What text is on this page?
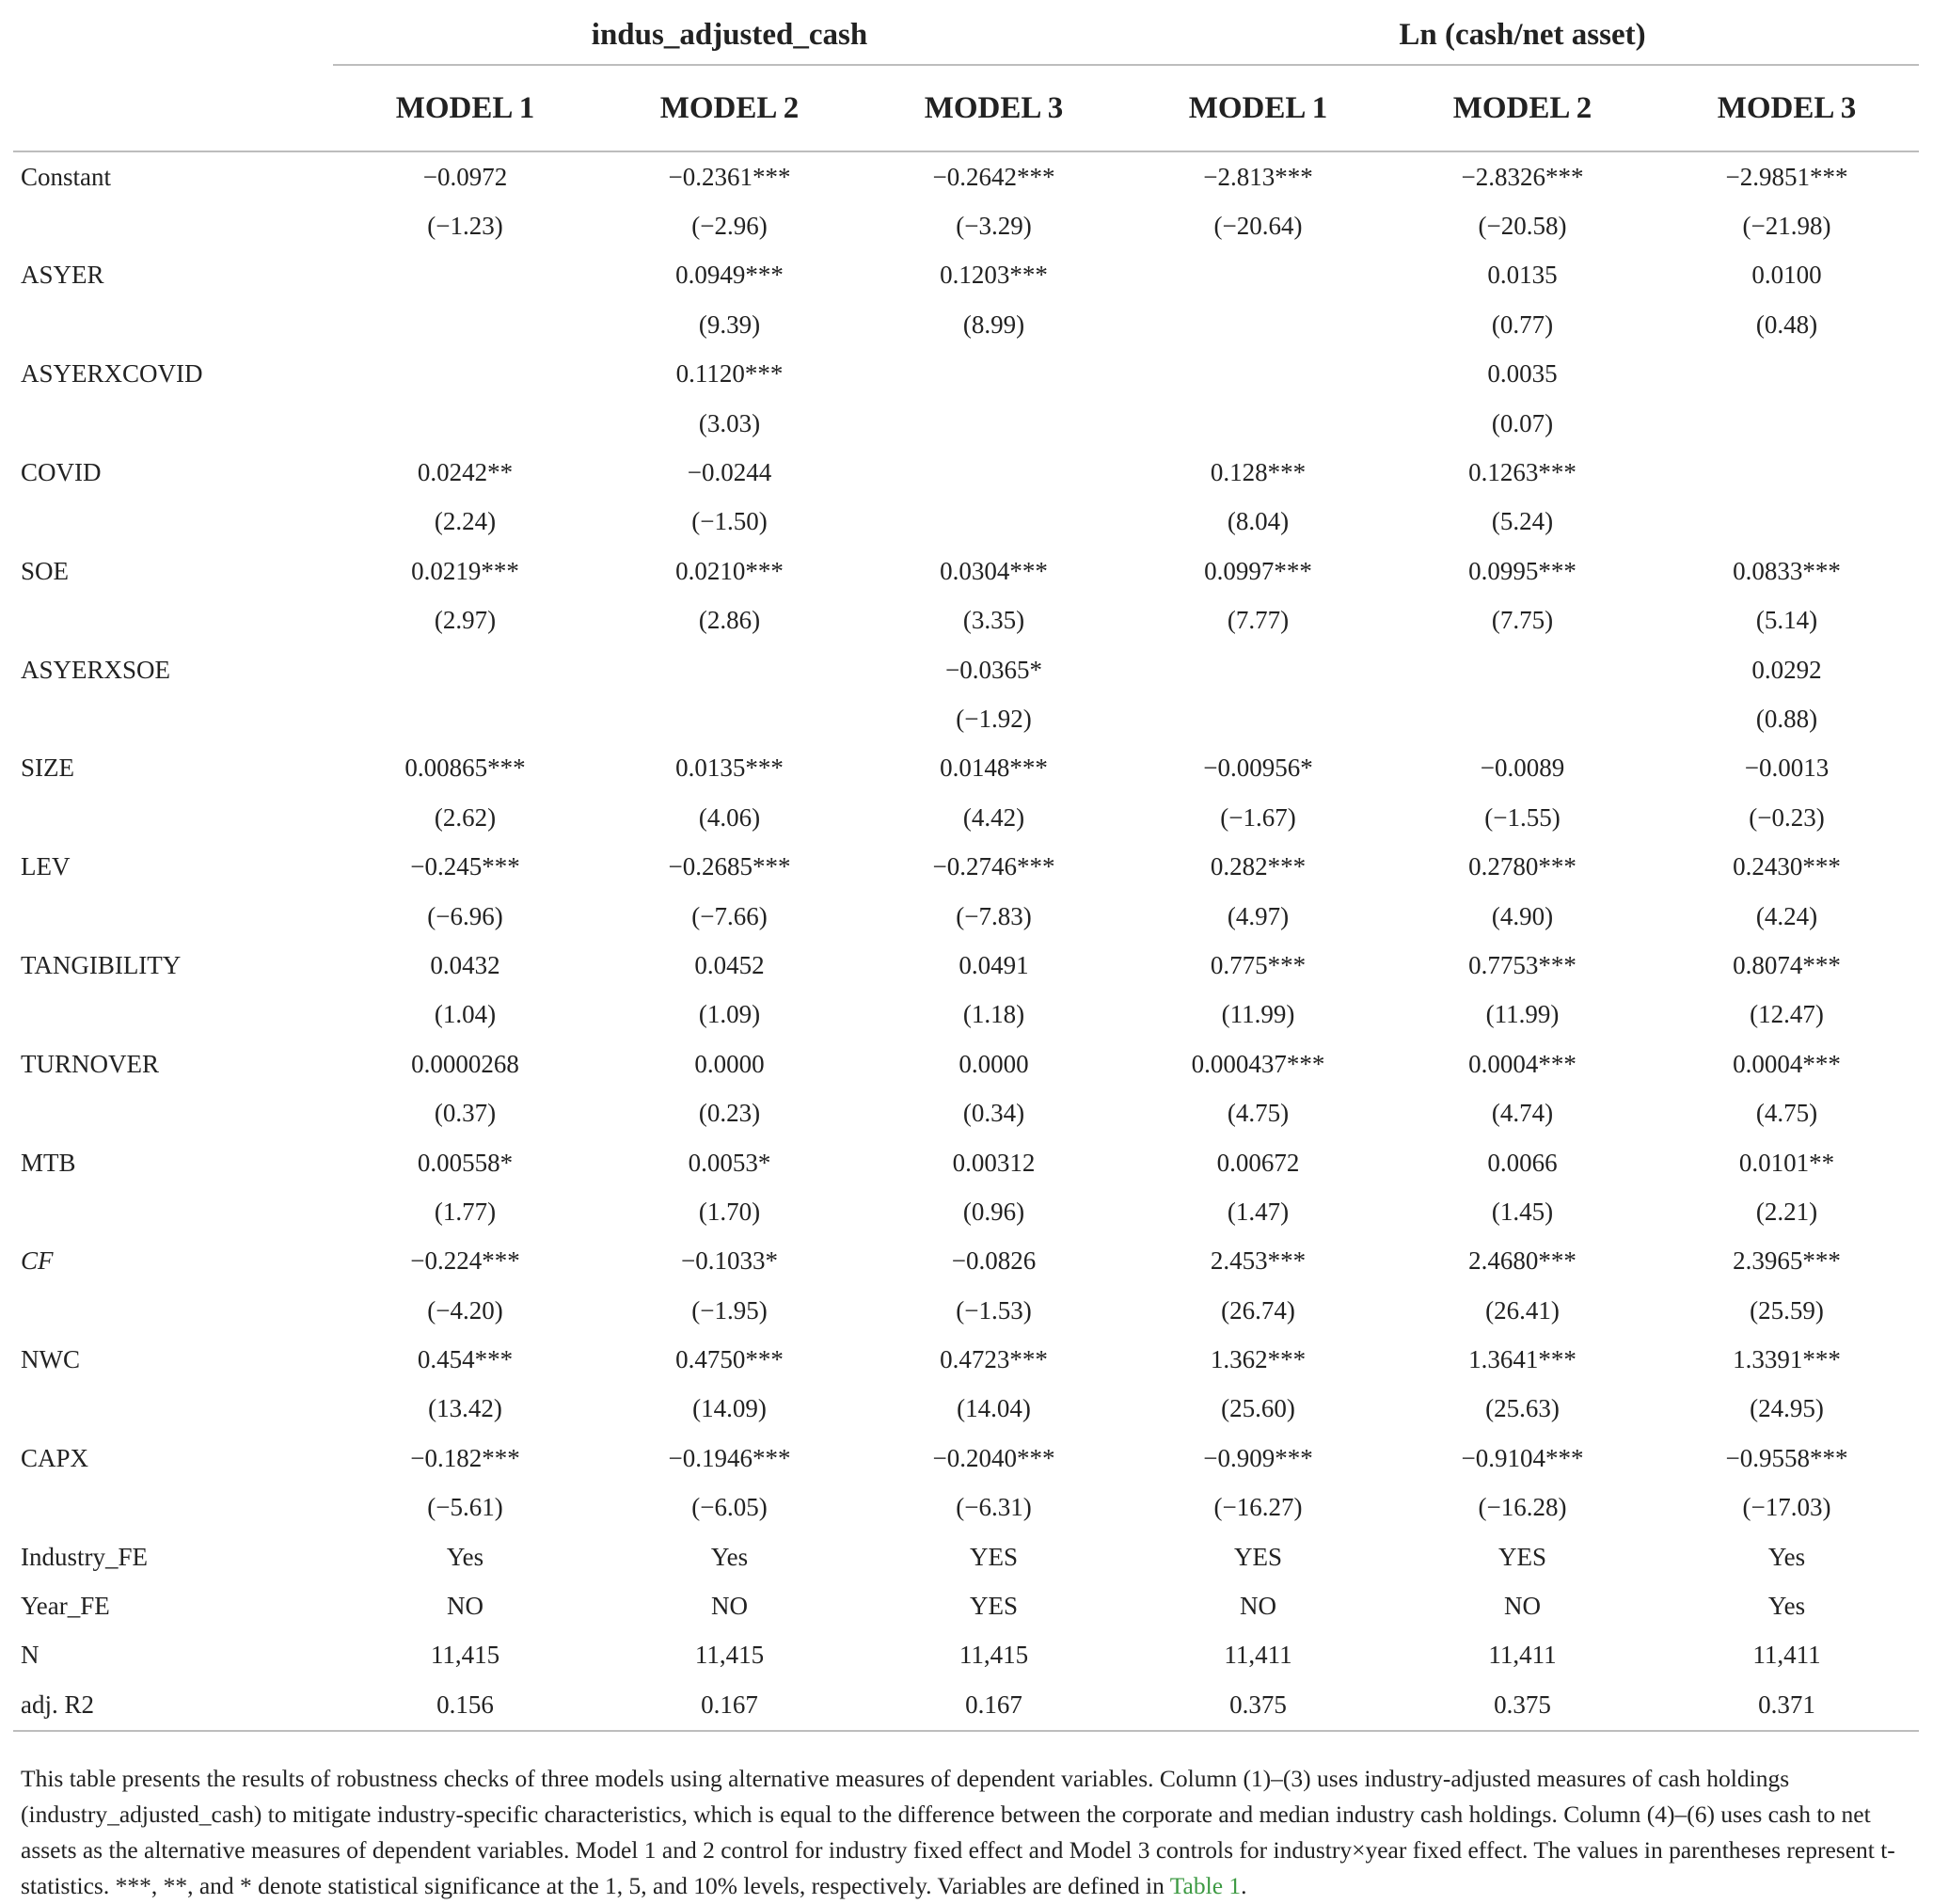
	indus_adjusted_cash			Ln (cash/net asset)		
	MODEL 1	MODEL 2	MODEL 3	MODEL 1	MODEL 2	MODEL 3
Constant	−0.0972	−0.2361***	−0.2642***	−2.813***	−2.8326***	−2.9851***
	(−1.23)	(−2.96)	(−3.29)	(−20.64)	(−20.58)	(−21.98)
ASYER		0.0949***	0.1203***		0.0135	0.0100
		(9.39)	(8.99)		(0.77)	(0.48)
ASYERXCOVID		0.1120***			0.0035	
		(3.03)			(0.07)	
COVID	0.0242**	−0.0244		0.128***	0.1263***	
	(2.24)	(−1.50)		(8.04)	(5.24)	
SOE	0.0219***	0.0210***	0.0304***	0.0997***	0.0995***	0.0833***
	(2.97)	(2.86)	(3.35)	(7.77)	(7.75)	(5.14)
ASYERXSOE			−0.0365*			0.0292
			(−1.92)			(0.88)
SIZE	0.00865***	0.0135***	0.0148***	−0.00956*	−0.0089	−0.0013
	(2.62)	(4.06)	(4.42)	(−1.67)	(−1.55)	(−0.23)
LEV	−0.245***	−0.2685***	−0.2746***	0.282***	0.2780***	0.2430***
	(−6.96)	(−7.66)	(−7.83)	(4.97)	(4.90)	(4.24)
TANGIBILITY	0.0432	0.0452	0.0491	0.775***	0.7753***	0.8074***
	(1.04)	(1.09)	(1.18)	(11.99)	(11.99)	(12.47)
TURNOVER	0.0000268	0.0000	0.0000	0.000437***	0.0004***	0.0004***
	(0.37)	(0.23)	(0.34)	(4.75)	(4.74)	(4.75)
MTB	0.00558*	0.0053*	0.00312	0.00672	0.0066	0.0101**
	(1.77)	(1.70)	(0.96)	(1.47)	(1.45)	(2.21)
CF	−0.224***	−0.1033*	−0.0826	2.453***	2.4680***	2.3965***
	(−4.20)	(−1.95)	(−1.53)	(26.74)	(26.41)	(25.59)
NWC	0.454***	0.4750***	0.4723***	1.362***	1.3641***	1.3391***
	(13.42)	(14.09)	(14.04)	(25.60)	(25.63)	(24.95)
CAPX	−0.182***	−0.1946***	−0.2040***	−0.909***	−0.9104***	−0.9558***
	(−5.61)	(−6.05)	(−6.31)	(−16.27)	(−16.28)	(−17.03)
Industry_FE	Yes	Yes	YES	YES	YES	Yes
Year_FE	NO	NO	YES	NO	NO	Yes
N	11,415	11,415	11,415	11,411	11,411	11,411
adj. R2	0.156	0.167	0.167	0.375	0.375	0.371

This table presents the results of robustness checks of three models using alternative measures of dependent variables. Column (1)–(3) uses industry-adjusted measures of cash holdings (industry_adjusted_cash) to mitigate industry-specific characteristics, which is equal to the difference between the corporate and median industry cash holdings. Column (4)–(6) uses cash to net assets as the alternative measures of dependent variables. Model 1 and 2 control for industry fixed effect and Model 3 controls for industry×year fixed effect. The values in parentheses represent t-statistics. ***, **, and * denote statistical significance at the 1, 5, and 10% levels, respectively. Variables are defined in Table 1.
